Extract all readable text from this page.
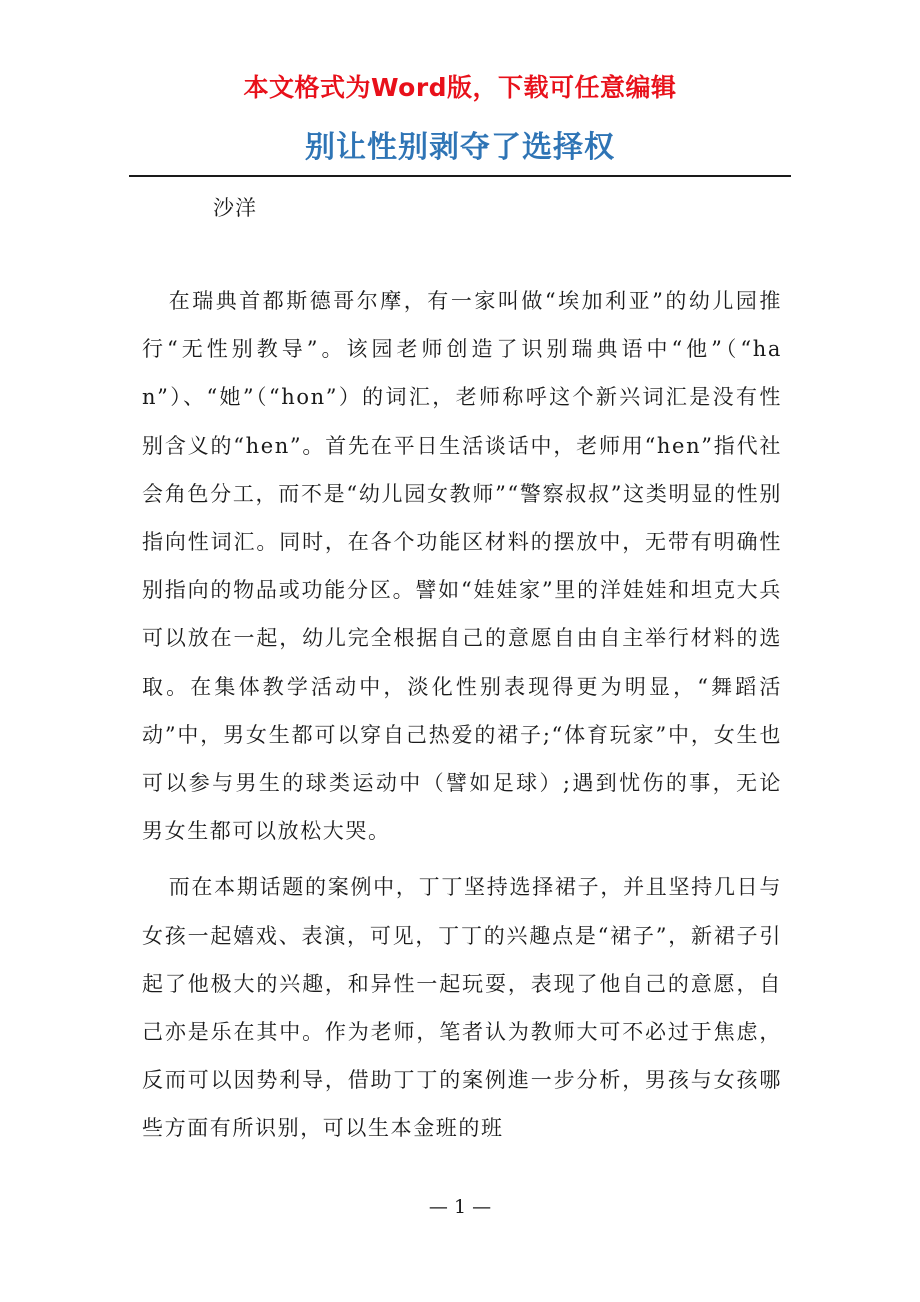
本文格式为Word版，下载可任意编辑
别让性别剥夺了选择权
沙洋

在瑞典首都斯德哥尔摩，有一家叫做“埃加利亚”的幼儿园推行“无性别教导”。该园老师创造了识别瑞典语中“他”（“han”）、“她”（“hon”）的词汇，老师称呼这个新兴词汇是没有性别含义的“hen”。首先在平日生活谈话中，老师用“hen”指代社会角色分工，而不是“幼儿园女教师”“警察叔叔”这类明显的性别指向性词汇。同时，在各个功能区材料的摆放中，无带有明确性别指向的物品或功能分区。譬如“娃娃家”里的洋娃娃和坦克大兵可以放在一起，幼儿完全根据自己的意愿自由自主举行材料的选取。在集体教学活动中，淡化性别表现得更为明显，“舞蹈活动”中，男女生都可以穿自己热爱的裙子;“体育玩家”中，女生也可以参与男生的球类运动中（譬如足球）;遇到忧伤的事，无论男女生都可以放松大哭。

而在本期话题的案例中，丁丁坚持选择裙子，并且坚持几日与女孩一起嬉戏、表演，可见，丁丁的兴趣点是“裙子”，新裙子引起了他极大的兴趣，和异性一起玩耍，表现了他自己的意愿，自己亦是乐在其中。作为老师，笔者认为教师大可不必过于焦虑，反而可以因势利导，借助丁丁的案例進一步分析，男孩与女孩哪些方面有所识别，可以生本金班的班

— 1 —
